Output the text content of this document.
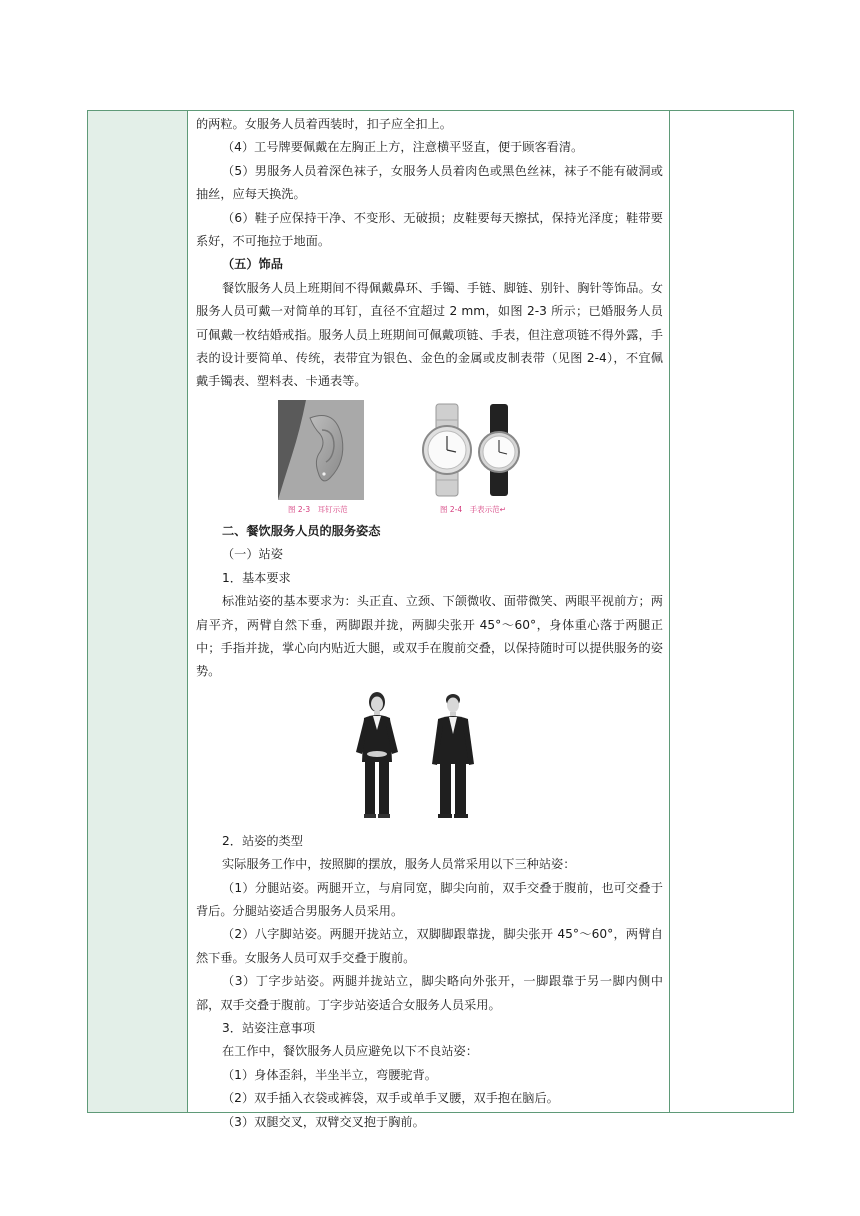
的两粒。女服务人员着西装时，扣子应全扣上。

（4）工号牌要佩戴在左胸正上方，注意横平竖直，便于顾客看清。

（5）男服务人员着深色袜子，女服务人员着肉色或黑色丝袜，袜子不能有破洞或抽丝，应每天换洗。

（6）鞋子应保持干净、不变形、无破损；皮鞋要每天擦拭，保持光泽度；鞋带要系好，不可拖拉于地面。

（五）饰品

餐饮服务人员上班期间不得佩戴鼻环、手镯、手链、脚链、别针、胸针等饰品。女服务人员可戴一对简单的耳钉，直径不宜超过 2 mm，如图 2-3 所示；已婚服务人员可佩戴一枚结婚戒指。服务人员上班期间可佩戴项链、手表，但注意项链不得外露，手表的设计要简单、传统，表带宜为银色、金色的金属或皮制表带（见图 2-4），不宜佩戴手镯表、塑料表、卡通表等。

图 2-3　耳钉示范	图 2-4　手表示范↵

二、餐饮服务人员的服务姿态

（一）站姿

1．基本要求

标准站姿的基本要求为：头正直、立颈、下颌微收、面带微笑、两眼平视前方；两肩平齐，两臂自然下垂，两脚跟并拢，两脚尖张开 45°～60°，身体重心落于两腿正中；手指并拢，掌心向内贴近大腿，或双手在腹前交叠，以保持随时可以提供服务的姿势。

2．站姿的类型

实际服务工作中，按照脚的摆放，服务人员常采用以下三种站姿：

（1）分腿站姿。两腿开立，与肩同宽，脚尖向前，双手交叠于腹前，也可交叠于背后。分腿站姿适合男服务人员采用。

（2）八字脚站姿。两腿开拢站立，双脚脚跟靠拢，脚尖张开 45°～60°，两臂自然下垂。女服务人员可双手交叠于腹前。

（3）丁字步站姿。两腿并拢站立，脚尖略向外张开，一脚跟靠于另一脚内侧中部，双手交叠于腹前。丁字步站姿适合女服务人员采用。

3．站姿注意事项

在工作中，餐饮服务人员应避免以下不良站姿：

（1）身体歪斜，半坐半立，弯腰驼背。

（2）双手插入衣袋或裤袋，双手或单手叉腰，双手抱在脑后。

（3）双腿交叉，双臂交叉抱于胸前。
